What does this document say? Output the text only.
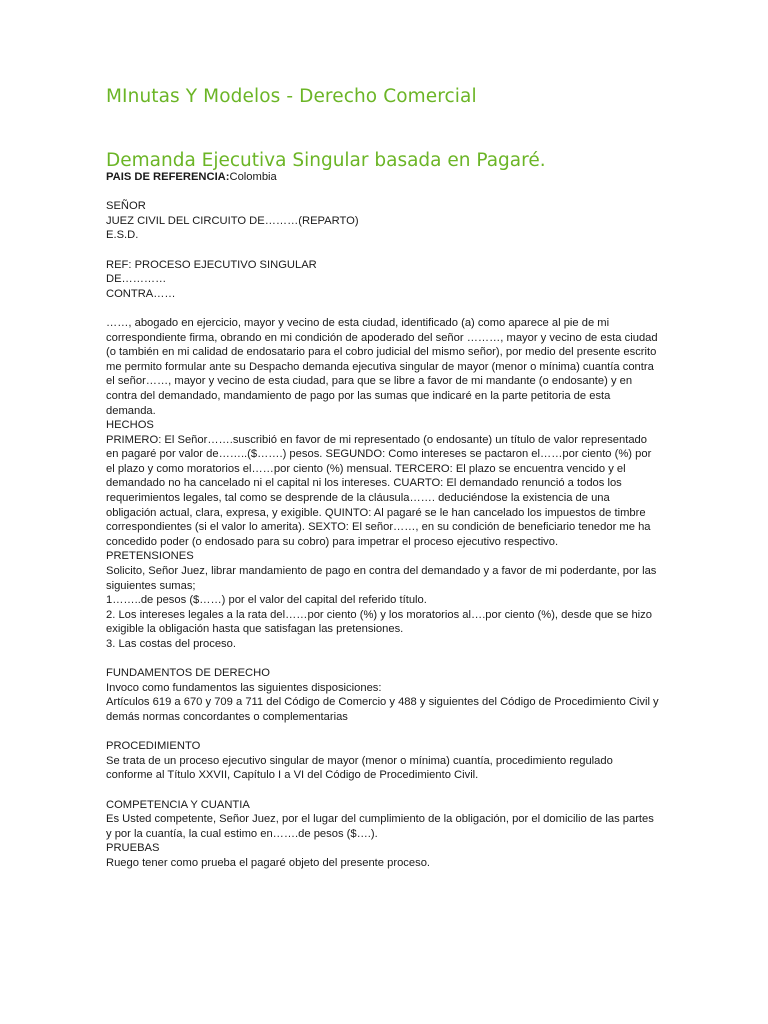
MInutas Y Modelos - Derecho Comercial
Demanda Ejecutiva Singular basada en Pagaré.

PAIS DE REFERENCIA:Colombia

SEÑOR

JUEZ CIVIL DEL CIRCUITO DE………(REPARTO)

E.S.D.

REF: PROCESO EJECUTIVO SINGULAR

DE…………

CONTRA……

……, abogado en ejercicio, mayor y vecino de esta ciudad, identificado (a) como aparece al pie de mi correspondiente firma, obrando en mi condición de apoderado del señor ………, mayor y vecino de esta ciudad (o también en mi calidad de endosatario para el cobro judicial del mismo señor), por medio del presente escrito me permito formular ante su Despacho demanda ejecutiva singular de mayor (menor o mínima) cuantía contra el señor……, mayor y vecino de esta ciudad, para que se libre a favor de mi mandante (o endosante) y en contra del demandado, mandamiento de pago por las sumas que indicaré en la parte petitoria de esta demanda.

HECHOS

PRIMERO: El Señor…….suscribió en favor de mi representado (o endosante) un título de valor representado en pagaré por valor de……..($…….) pesos. SEGUNDO: Como intereses se pactaron el……por ciento (%) por el plazo y como moratorios el……por ciento (%) mensual. TERCERO: El plazo se encuentra vencido y el demandado no ha cancelado ni el capital ni los intereses. CUARTO: El demandado renunció a todos los requerimientos legales, tal como se desprende de la cláusula……. deduciéndose la existencia de una obligación actual, clara, expresa, y exigible. QUINTO: Al pagaré se le han cancelado los impuestos de timbre correspondientes (si el valor lo amerita). SEXTO: El señor……, en su condición de beneficiario tenedor me ha concedido poder (o endosado para su cobro) para impetrar el proceso ejecutivo respectivo.

PRETENSIONES

Solicito, Señor Juez, librar mandamiento de pago en contra del demandado y a favor de mi poderdante, por las siguientes sumas;

1……..de pesos ($……) por el valor del capital del referido título.

2. Los intereses legales a la rata del……por ciento (%) y los moratorios al….por ciento (%), desde que se hizo exigible la obligación hasta que satisfagan las pretensiones.

3. Las costas del proceso.

FUNDAMENTOS DE DERECHO

Invoco como fundamentos las siguientes disposiciones:

Artículos 619 a 670 y 709 a 711 del Código de Comercio y 488 y siguientes del Código de Procedimiento Civil y demás normas concordantes o complementarias

PROCEDIMIENTO

Se trata de un proceso ejecutivo singular de mayor (menor o mínima) cuantía, procedimiento regulado conforme al Título XXVII, Capítulo I a VI del Código de Procedimiento Civil.

COMPETENCIA Y CUANTIA

Es Usted competente, Señor Juez, por el lugar del cumplimiento de la obligación, por el domicilio de las partes y por la cuantía, la cual estimo en…….de pesos ($….).

PRUEBAS

Ruego tener como prueba el pagaré objeto del presente proceso.
